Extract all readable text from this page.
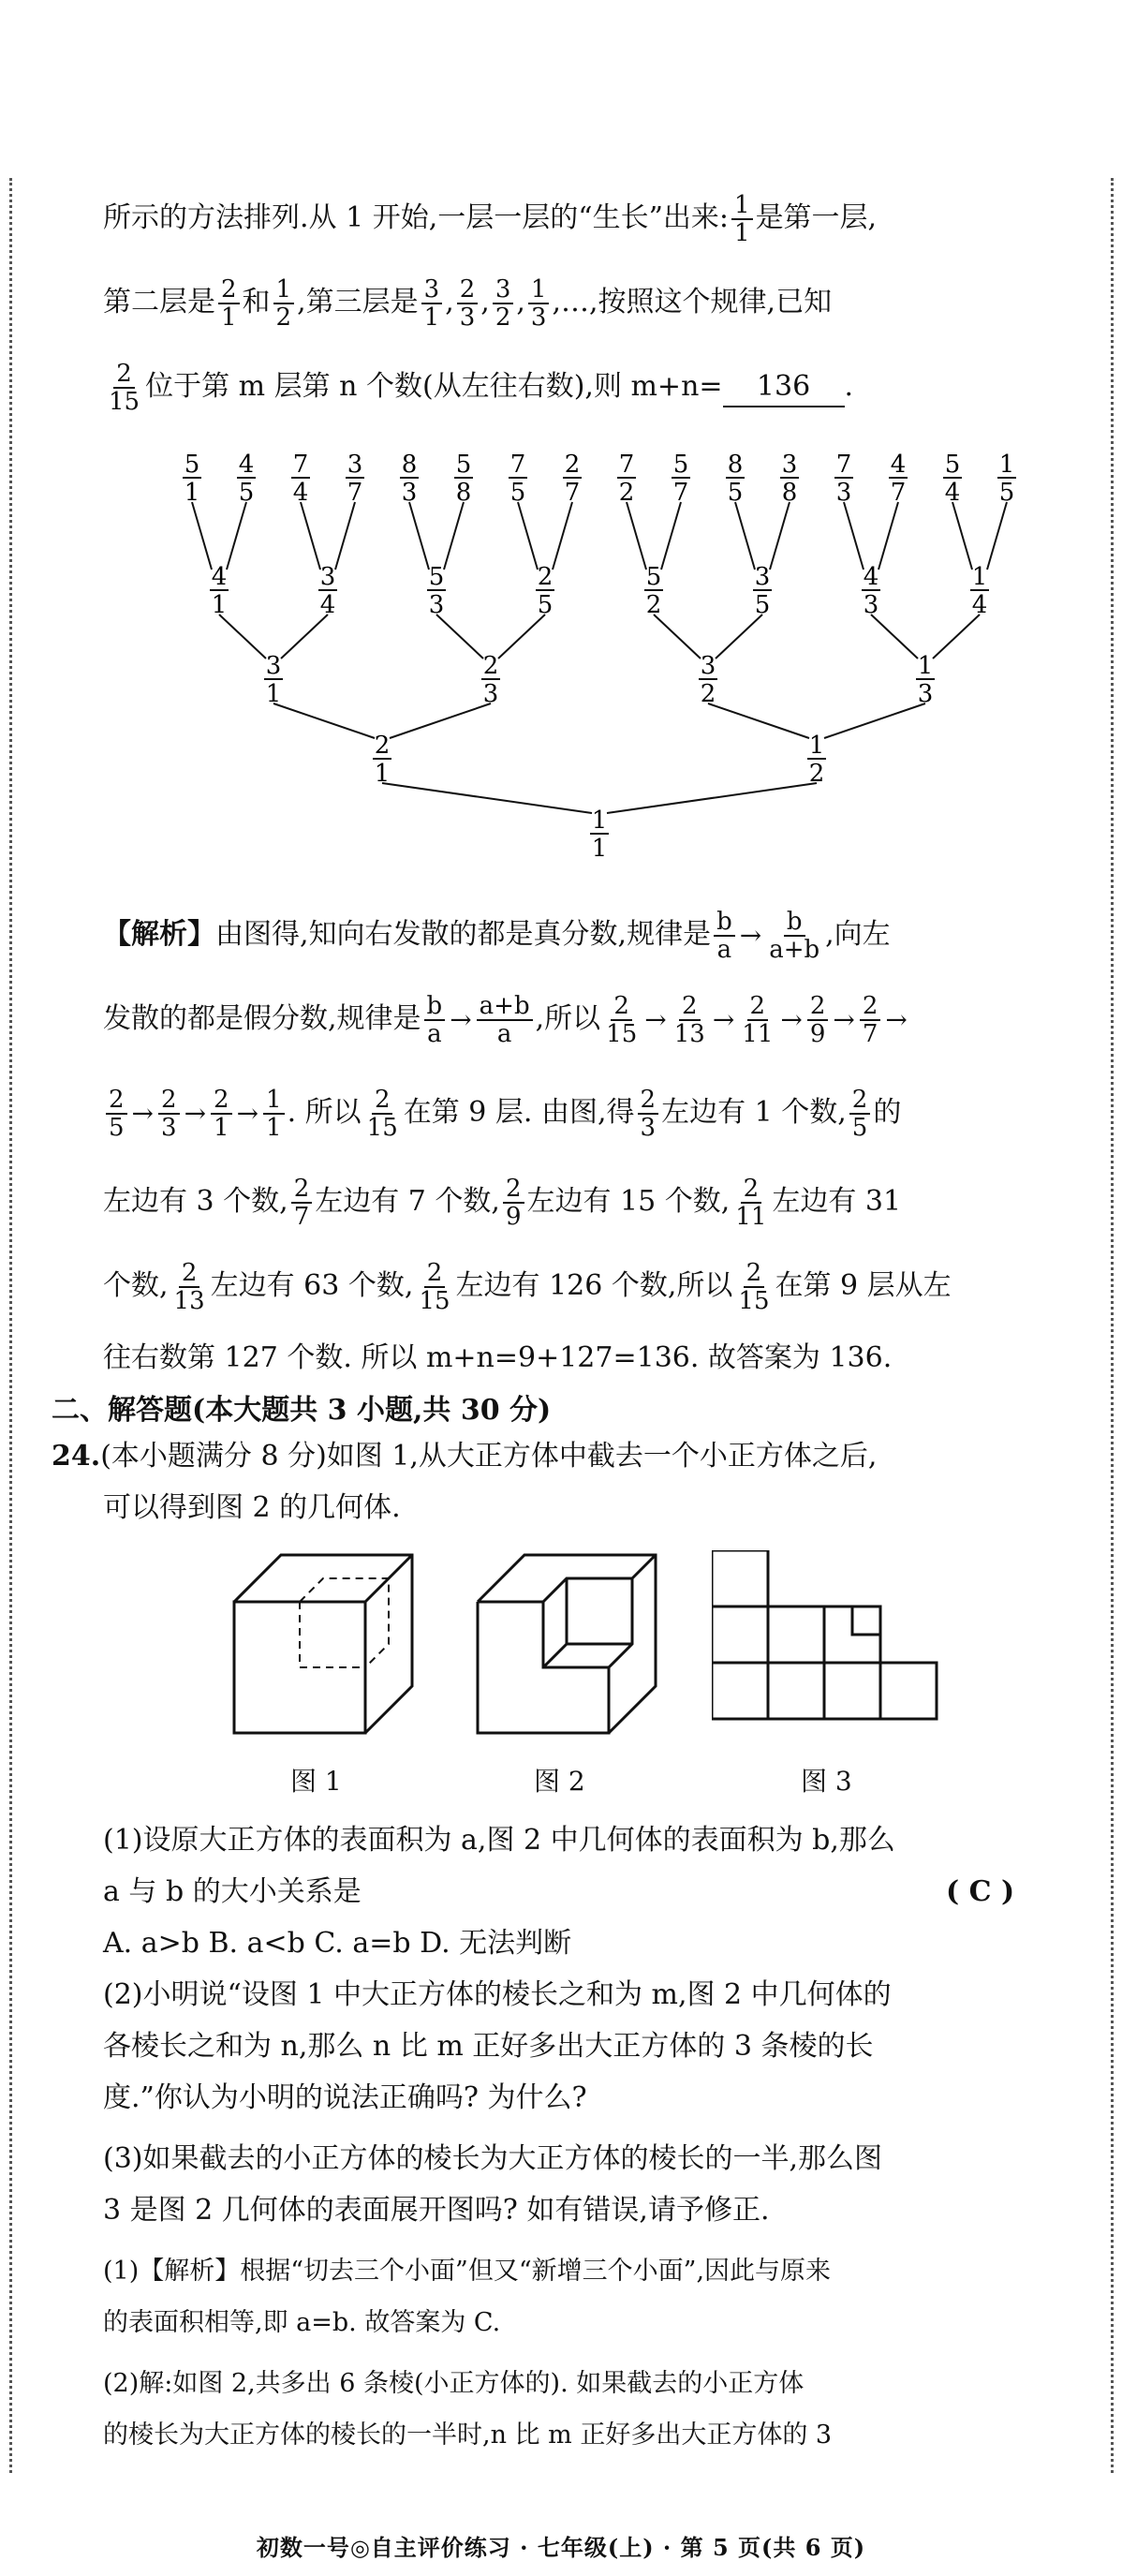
所示的方法排列.从 1 开始,一层一层的“生长”出来: $\frac{1}{1}$ 是第一层,
第二层是 $\frac{2}{1}$ 和 $\frac{1}{2}$ ,第三层是 $\frac{3}{1}$ , $\frac{2}{3}$ , $\frac{3}{2}$ , $\frac{1}{3}$ ,…,按照这个规律,已知
$\frac{2}{15}$ 位于第 m 层第 n 个数(从左往右数),则 m+n= 136 .
5
1
4
5
7
4
3
7
8
3
5
8
7
5
2
7
7
2
5
7
8
5
3
8
7
3
4
7
5
4
1
5
4
1
3
4
5
3
2
5
5
2
3
5
4
3
1
4
3
1
2
3
3
2
1
3
2
1
1
2
1
1
【解析】由图得,知向右发散的都是真分数,规律是 $\frac{b}{a} \to \frac{b}{a+b}$ ,向左
发散的都是假分数,规律是 $\frac{b}{a} \to \frac{a+b}{a}$ ,所以 $\frac{2}{15} \to \frac{2}{13} \to \frac{2}{11} \to \frac{2}{9} \to \frac{2}{7}$ →
$\frac{2}{5} \to \frac{2}{3} \to \frac{2}{1} \to \frac{1}{1}$ . 所以 $\frac{2}{15}$ 在第 9 层. 由图,得 $\frac{2}{3}$ 左边有 1 个数, $\frac{2}{5}$ 的
左边有 3 个数, $\frac{2}{7}$ 左边有 7 个数, $\frac{2}{9}$ 左边有 15 个数, $\frac{2}{11}$ 左边有 31
个数, $\frac{2}{13}$ 左边有 63 个数, $\frac{2}{15}$ 左边有 126 个数,所以 $\frac{2}{15}$ 在第 9 层从左
往右数第 127 个数. 所以 m+n=9+127=136. 故答案为 136.
二、解答题(本大题共 3 小题,共 30 分)
24.(本小题满分 8 分)如图 1,从大正方体中截去一个小正方体之后,
可以得到图 2 的几何体.
图 1	图 2	图 3
(1)设原大正方体的表面积为 a,图 2 中几何体的表面积为 b,那么
a 与 b 的大小关系是	( C )
A. a>b B. a<b C. a=b D. 无法判断
(2)小明说“设图 1 中大正方体的棱长之和为 m,图 2 中几何体的
各棱长之和为 n,那么 n 比 m 正好多出大正方体的 3 条棱的长
度.”你认为小明的说法正确吗? 为什么?
(3)如果截去的小正方体的棱长为大正方体的棱长的一半,那么图
3 是图 2 几何体的表面展开图吗? 如有错误,请予修正.
(1)【解析】根据“切去三个小面”但又“新增三个小面”,因此与原来
的表面积相等,即 a=b. 故答案为 C.
(2)解:如图 2,共多出 6 条棱(小正方体的). 如果截去的小正方体
的棱长为大正方体的棱长的一半时,n 比 m 正好多出大正方体的 3
初数一号◎自主评价练习 · 七年级(上) · 第 5 页(共 6 页)
